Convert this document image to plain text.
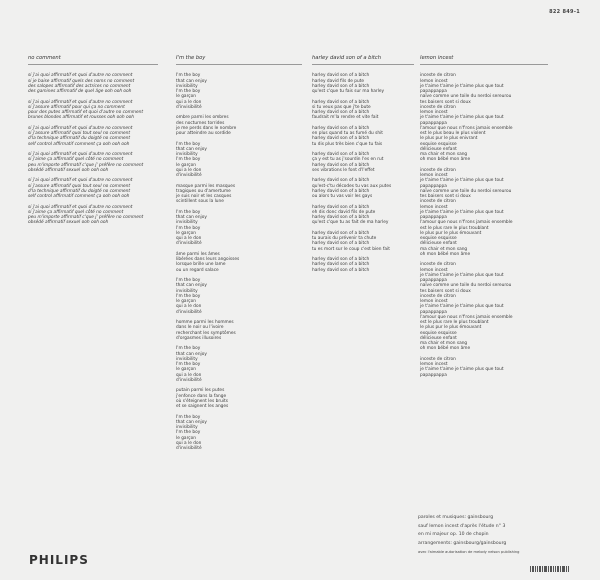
822 849-1
no comment
si j'ai quoi affirmatif et quoi d'autre no comment
si je baise affirmatif quels des noms no comment
des salopes affirmatif des actrices no comment
des gamines affirmatif de quel âge ooh ooh ooh
si j'ai quoi affirmatif et quoi d'autre no comment
si j'assure affirmatif pour qui ça no comment
pour des putes affirmatif et quoi d'autre no comment
brunes blondes affirmatif et rousses ooh ooh ooh
si j'ai quoi affirmatif et quoi d'autre no comment
si j'assure affirmatif quoi tout seul no comment
d'la technique affirmatif du doigté no comment
self control affirmatif comment ça ooh ooh ooh
si j'ai quoi affirmatif et quoi d'autre no comment
si j'aime ça affirmatif quel côté no comment
peu m'importe affirmatif c'que j' préfère no comment
obsédé affirmatif sexuel ooh ooh ooh
si j'ai quoi affirmatif et quoi d'autre no comment
si j'assure affirmatif quoi tout seul no comment
d'la technique affirmatif du doigté no comment
self control affirmatif comment ça ooh ooh ooh
si j'ai quoi affirmatif et quoi d'autre no comment
si j'aime ça affirmatif quel côté no comment
peu m'importe affirmatif c'que j' préfère no comment
obsédé affirmatif sexuel ooh ooh ooh
I'm the boy
I'm the boy
that can enjoy
invisibility
I'm the boy
le garçon
qui a le don
d'invisibilité
ombre parmi les ombres
des nocturnes torrides
je me perds dans le nombre
pour atteindre au sordide
I'm the boy
that can enjoy
invisibility
I'm the boy
le garçon
qui a le don
d'invisibilité
masque parmi les masques
tragiques ou d'amertume
je suis noir et les casques
scintillent sous la lune
I'm the boy
that can enjoy
invisibility
I'm the boy
le garçon
qui a le don
d'invisibilité
âme parmi les âmes
libérées dans leurs angoisses
lorsque brille une lame
ou un regard salace
I'm the boy
that can enjoy
invisibility
I'm the boy
le garçon
qui a le don
d'invisibilité
homme parmi les hommes
dans le noir ou l'ivoire
recherchant les symptômes
d'orgasmes illusoires
I'm the boy
that can enjoy
invisibility
I'm the boy
le garçon
qui a le don
d'invisibilité
putain parmi les putes
j'enfonce dans la fange
où s'éteignent les bruits
et se saignent les anges
I'm the boy
that can enjoy
invisibility
I'm the boy
le garçon
qui a le don
d'invisibilité
harley david son of a bitch
harley david son of a bitch
harley david fils de pute
harley david son of a bitch
qu'est c'que tu fais sur ma harley
harley david son of a bitch
si tu veux pas que j'te bute
harley david son of a bitch
faudrait m'la rendre et vite fait
harley david son of a bitch
en plus quand tu as fumé du shit
harley david son of a bitch
tu dis plus très bien c'que tu fais
harley david son of a bitch
ça y est tu as j'sourdin l'es en rut
harley david son of a bitch
ses vibrations le font d'l'effet
harley david son of a bitch
qu'est-c'tu décodes tu vas aux putes
harley david son of a bitch
ou alors tu vas voir les gays
harley david son of a bitch
eh dis donc david fils de pute
harley david son of a bitch
qu'est c'que tu as fait de ma harley
harley david son of a bitch
tu aurais du prévenir ta chute
harley david son of a bitch
tu es mort sur le coup c'est bien fait
harley david son of a bitch
harley david son of a bitch
harley david son of a bitch
lemon incest
inceste de citron
lemon incest
je t'aime t'aime je t'aime plus que tout
papappappa
naïve comme une toile du nerdoi sereurou
tes baisers sont si doux
inceste de citron
lemon incest
je t'aime t'aime je t'aime plus que tout
papappappa
l'amour que nous n'f'rons jamais ensemble
est le plus beau le plus violent
le plus pur le plus enivrant
exquise esquisse
délicieuse enfant
ma chair et mon sang
oh mon bébé mon âme
inceste de citron
lemon incest
je t'aime t'aime je t'aime plus que tout
papappappa
naïve comme une toile du nerdoi sereurou
tes baisers sont si doux
inceste de citron
lemon incest
je t'aime t'aime je t'aime plus que tout
papappappa
l'amour que nous n'f'rons jamais ensemble
est le plus rare le plus troublant
le plus pur le plus émouvant
exquise esquisse
délicieuse enfant
ma chair et mon sang
oh mon bébé mon âme
inceste de citron
lemon incest
je t'aime t'aime je t'aime plus que tout
papappappa
naïve comme une toile du nerdoi sereurou
tes baisers sont si doux
inceste de citron
lemon incest
je t'aime t'aime je t'aime plus que tout
papappappa
l'amour que nous n'f'rons jamais ensemble
est le plus rare le plus troublant
le plus pur le plus émouvant
exquise esquisse
délicieuse enfant
ma chair et mon sang
oh mon bébé mon âme
inceste de citron
lemon incest
je t'aime t'aime je t'aime plus que tout
papappappa
paroles et musiques: gainsbourg
sauf lemon incest d'après l'étude n° 3
en mi majeur op. 10 de chopin
arrangements: gainsbourg/gainsbourg
avec l'aimable autorisation de melody nelson publishing
PHILIPS
